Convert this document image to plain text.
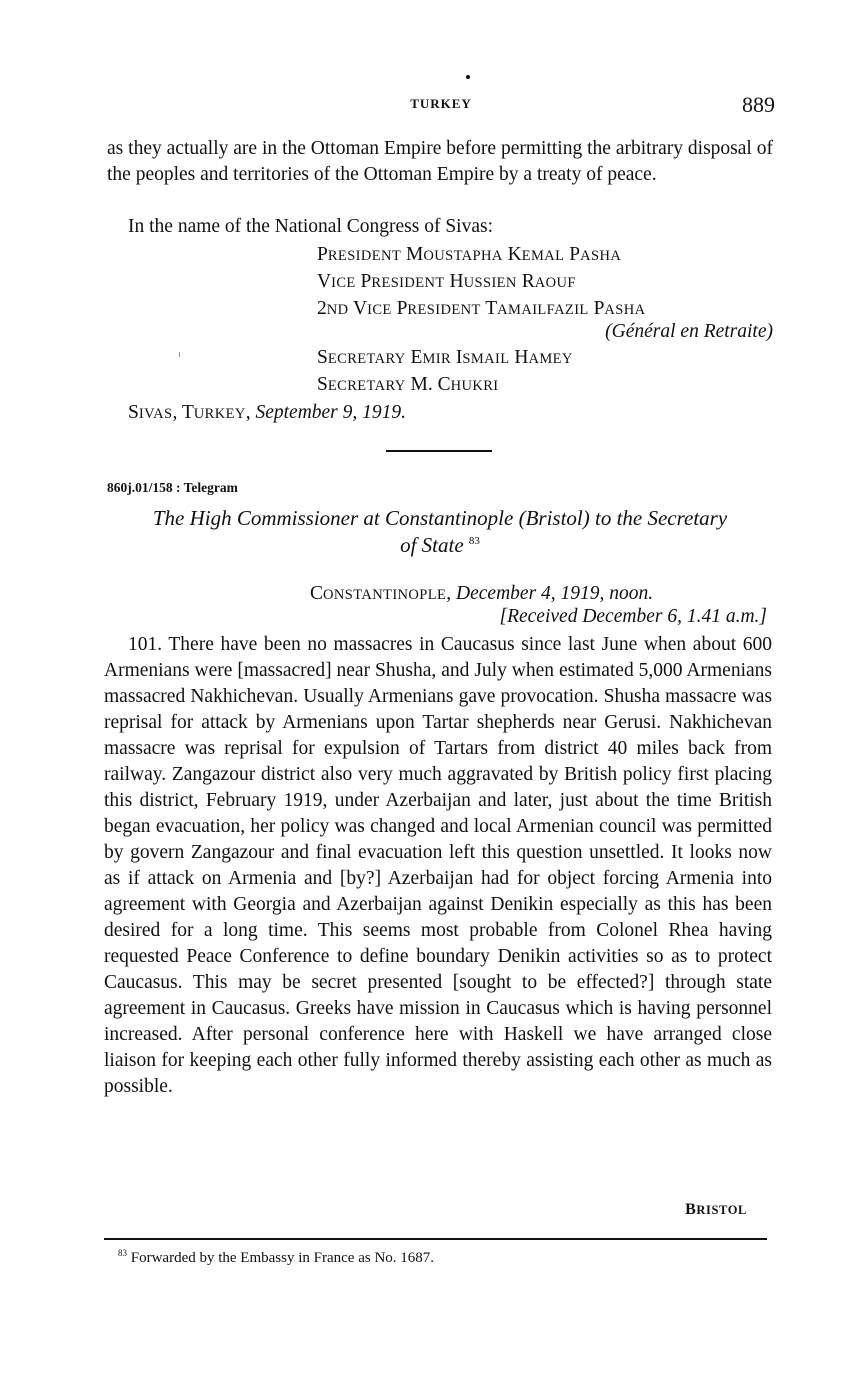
TURKEY	889
as they actually are in the Ottoman Empire before permitting the arbitrary disposal of the peoples and territories of the Ottoman Empire by a treaty of peace.
In the name of the National Congress of Sivas:
PRESIDENT MOUSTAPHA KEMAL PASHA
VICE PRESIDENT HUSSIEN RAOUF
2ND VICE PRESIDENT TAMAILFAZIL PASHA
(Général en Retraite)
SECRETARY EMIR ISMAIL HAMEY
SECRETARY M. CHUKRI
SIVAS, TURKEY, September 9, 1919.
860j.01/158 : Telegram
The High Commissioner at Constantinople (Bristol) to the Secretary
of State $^{83}$
CONSTANTINOPLE, December 4, 1919, noon.
[Received December 6, 1.41 a.m.]

101. There have been no massacres in Caucasus since last June when about 600 Armenians were [massacred] near Shusha, and July when estimated 5,000 Armenians massacred Nakhichevan. Usually Armenians gave provocation. Shusha massacre was reprisal for attack by Armenians upon Tartar shepherds near Gerusi. Nakhichevan massacre was reprisal for expulsion of Tartars from district 40 miles back from railway. Zangazour district also very much aggravated by British policy first placing this district, February 1919, under Azerbaijan and later, just about the time British began evacuation, her policy was changed and local Armenian council was permitted by govern Zangazour and final evacuation left this question unsettled. It looks now as if attack on Armenia and [by?] Azerbaijan had for object forcing Armenia into agreement with Georgia and Azerbaijan against Denikin especially as this has been desired for a long time. This seems most probable from Colonel Rhea having requested Peace Conference to define boundary Denikin activities so as to protect Caucasus. This may be secret presented [sought to be effected?] through state agreement in Caucasus. Greeks have mission in Caucasus which is having personnel increased. After personal conference here with Haskell we have arranged close liaison for keeping each other fully informed thereby assisting each other as much as possible.

BRISTOL
$^{83}$ Forwarded by the Embassy in France as No. 1687.
